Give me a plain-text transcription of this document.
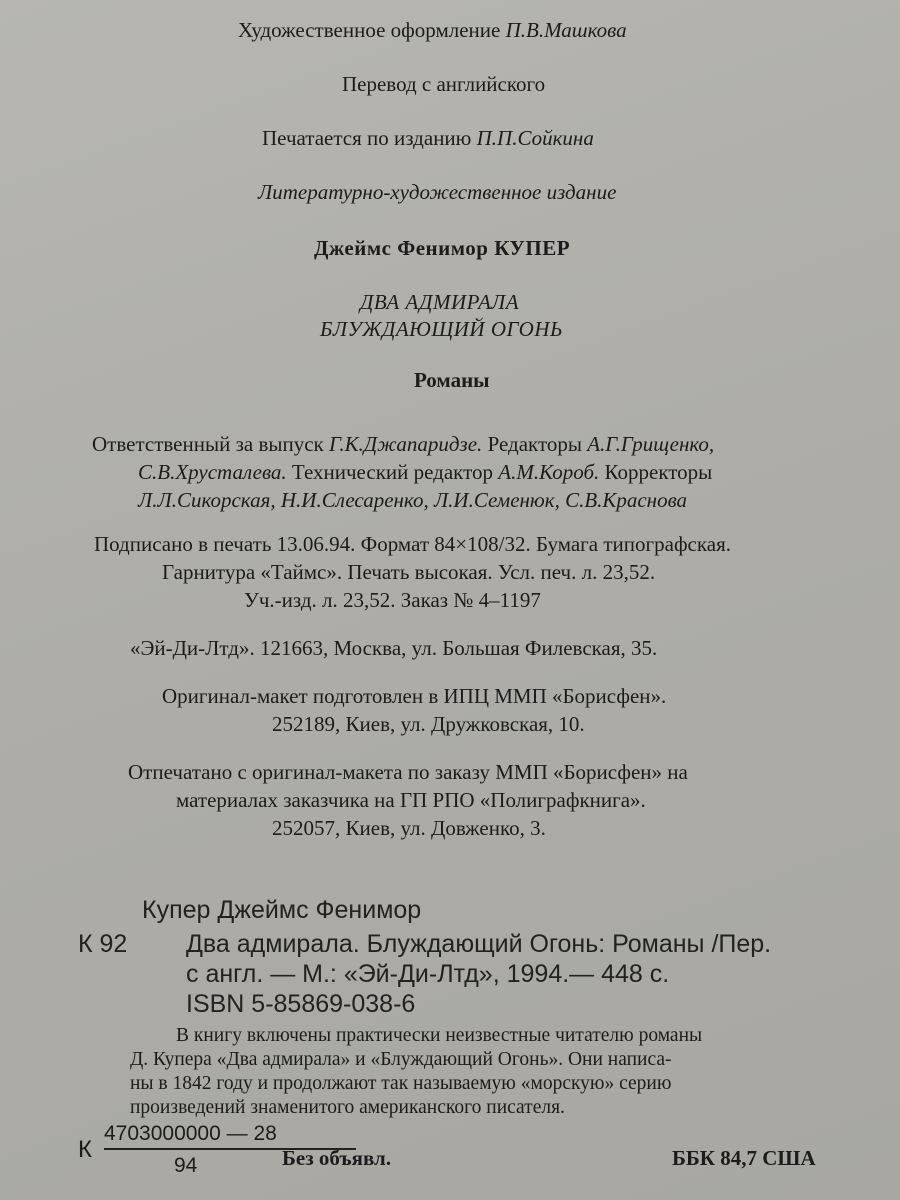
Художественное оформление П.В.Машкова
Перевод с английского
Печатается по изданию П.П.Сойкина
Литературно-художественное издание
Джеймс Фенимор КУПЕР
ДВА АДМИРАЛА
БЛУЖДАЮЩИЙ ОГОНЬ
Романы
Ответственный за выпуск Г.К.Джапаридзе. Редакторы А.Г.Грищенко,
С.В.Хрусталева. Технический редактор А.М.Короб. Корректоры
Л.Л.Сикорская, Н.И.Слесаренко, Л.И.Семенюк, С.В.Краснова
Подписано в печать 13.06.94. Формат 84×108/32. Бумага типографская.
Гарнитура «Таймс». Печать высокая. Усл. печ. л. 23,52.
Уч.-изд. л. 23,52. Заказ № 4–1197
«Эй-Ди-Лтд». 121663, Москва, ул. Большая Филевская, 35.
Оригинал-макет подготовлен в ИПЦ ММП «Борисфен».
252189, Киев, ул. Дружковская, 10.
Отпечатано с оригинал-макета по заказу ММП «Борисфен» на
материалах заказчика на ГП РПО «Полиграфкнига».
252057, Киев, ул. Довженко, 3.
Купер Джеймс Фенимор
К 92 Два адмирала. Блуждающий Огонь: Романы /Пер.
с англ. — М.: «Эй-Ди-Лтд», 1994.— 448 с.
ISBN 5-85869-038-6
В книгу включены практически неизвестные читателю романы
Д. Купера «Два адмирала» и «Блуждающий Огонь». Они написа-
ны в 1842 году и продолжают так называемую «морскую» серию
произведений знаменитого американского писателя.
К
4703000000 — 28
94	Без объявл.	ББК 84,7 США
